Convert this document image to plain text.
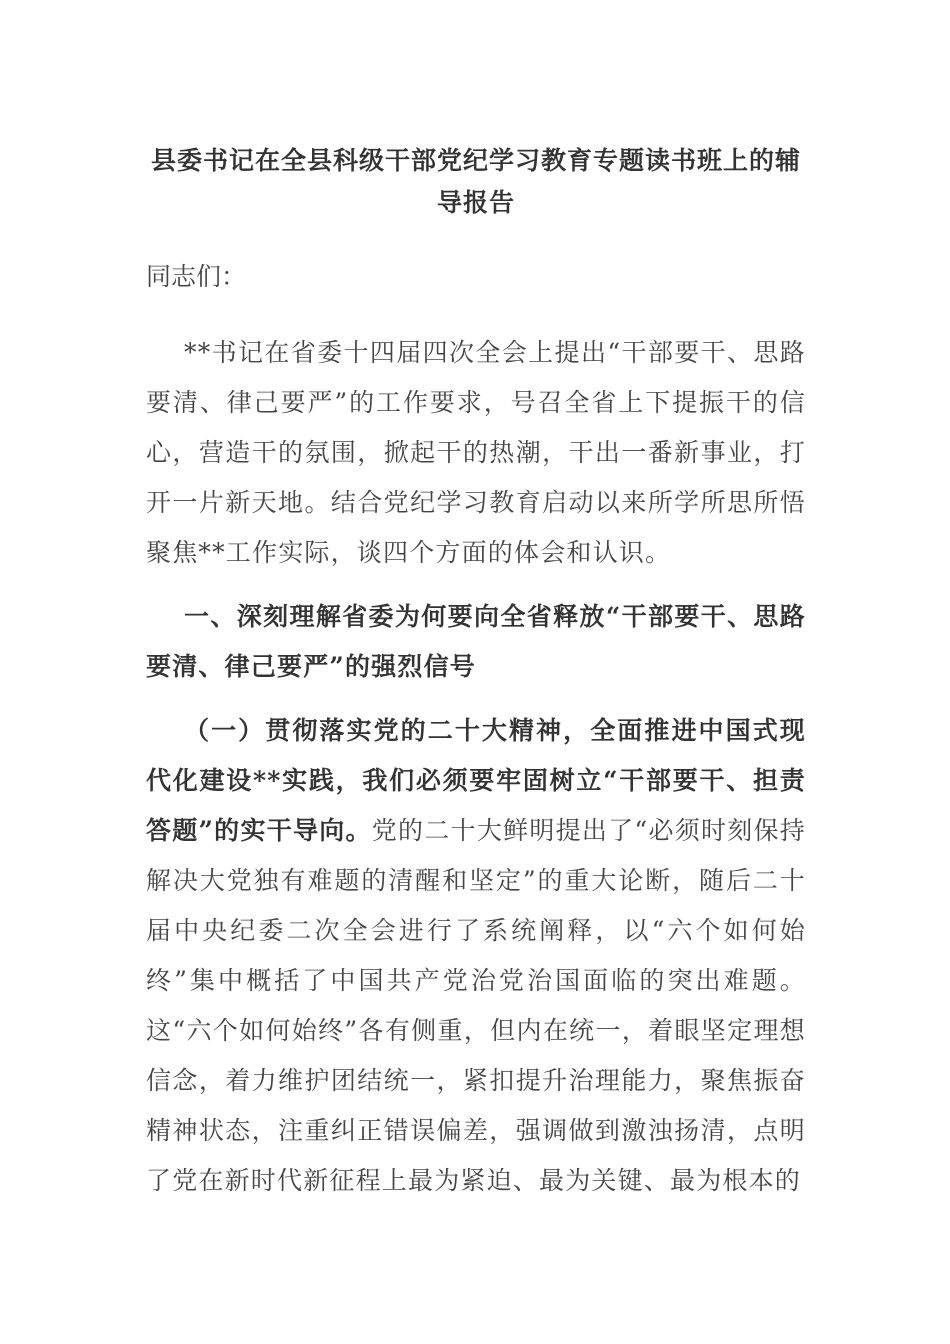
县委书记在全县科级干部党纪学习教育专题读书班上的辅导报告

同志们：

**书记在省委十四届四次全会上提出“干部要干、思路要清、律己要严”的工作要求，号召全省上下提振干的信心，营造干的氛围，掀起干的热潮，干出一番新事业，打开一片新天地。结合党纪学习教育启动以来所学所思所悟聚焦**工作实际，谈四个方面的体会和认识。

一、深刻理解省委为何要向全省释放“干部要干、思路要清、律己要严”的强烈信号

（一）贯彻落实党的二十大精神，全面推进中国式现代化建设**实践，我们必须要牢固树立“干部要干、担责答题”的实干导向。党的二十大鲜明提出了“必须时刻保持解决大党独有难题的清醒和坚定”的重大论断，随后二十届中央纪委二次全会进行了系统阐释，以“六个如何始终”集中概括了中国共产党治党治国面临的突出难题。这“六个如何始终”各有侧重，但内在统一，着眼坚定理想信念，着力维护团结统一，紧扣提升治理能力，聚焦振奋精神状态，注重纠正错误偏差，强调做到激浊扬清，点明了党在新时代新征程上最为紧迫、最为关键、最为根本的
